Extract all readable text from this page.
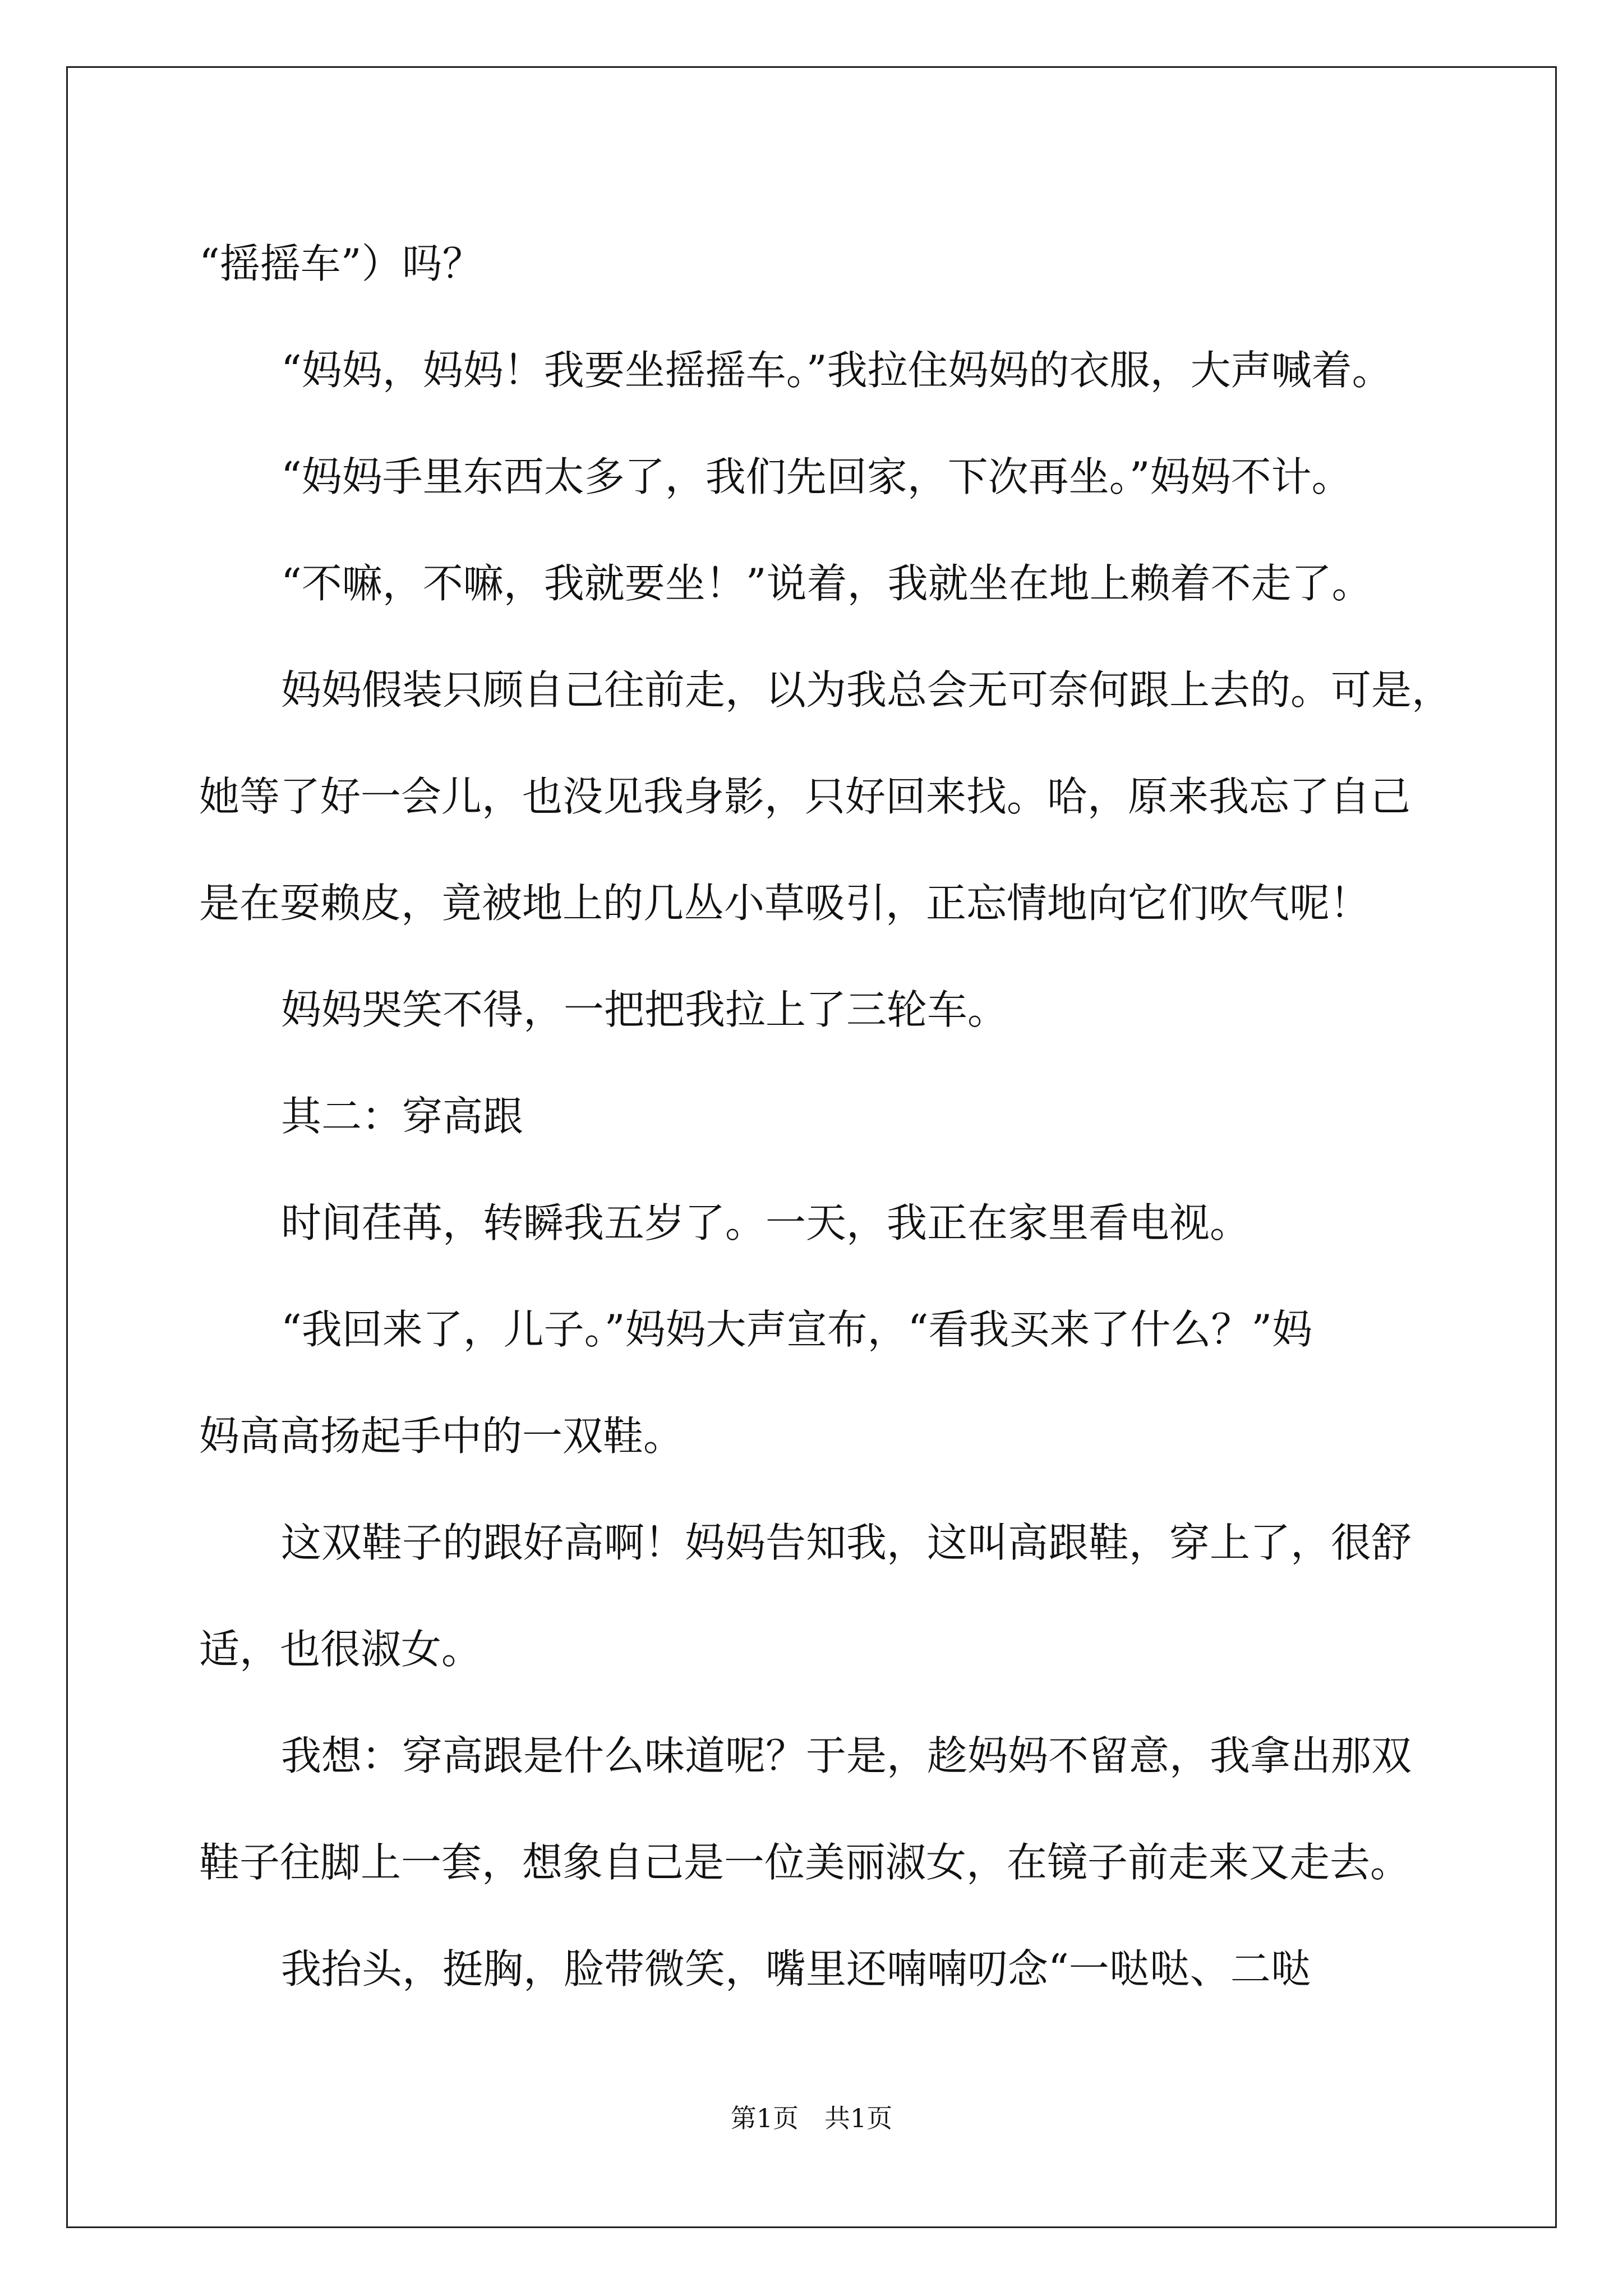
“摇摇车”）吗？
“妈妈，妈妈！我要坐摇摇车。”我拉住妈妈的衣服，大声喊着。
“妈妈手里东西太多了，我们先回家，下次再坐。”妈妈不计。
“不嘛，不嘛，我就要坐！”说着，我就坐在地上赖着不走了。
妈妈假装只顾自己往前走，以为我总会无可奈何跟上去的。可是，
她等了好一会儿，也没见我身影，只好回来找。哈，原来我忘了自己
是在耍赖皮，竟被地上的几丛小草吸引，正忘情地向它们吹气呢！
妈妈哭笑不得，一把把我拉上了三轮车。
其二：穿高跟
时间荏苒，转瞬我五岁了。一天，我正在家里看电视。
“我回来了，儿子。”妈妈大声宣布，“看我买来了什么？”妈
妈高高扬起手中的一双鞋。
这双鞋子的跟好高啊！妈妈告知我，这叫高跟鞋，穿上了，很舒
适，也很淑女。
我想：穿高跟是什么味道呢？于是，趁妈妈不留意，我拿出那双
鞋子往脚上一套，想象自己是一位美丽淑女，在镜子前走来又走去。
我抬头，挺胸，脸带微笑，嘴里还喃喃叨念“一哒哒、二哒
第1页　共1页
